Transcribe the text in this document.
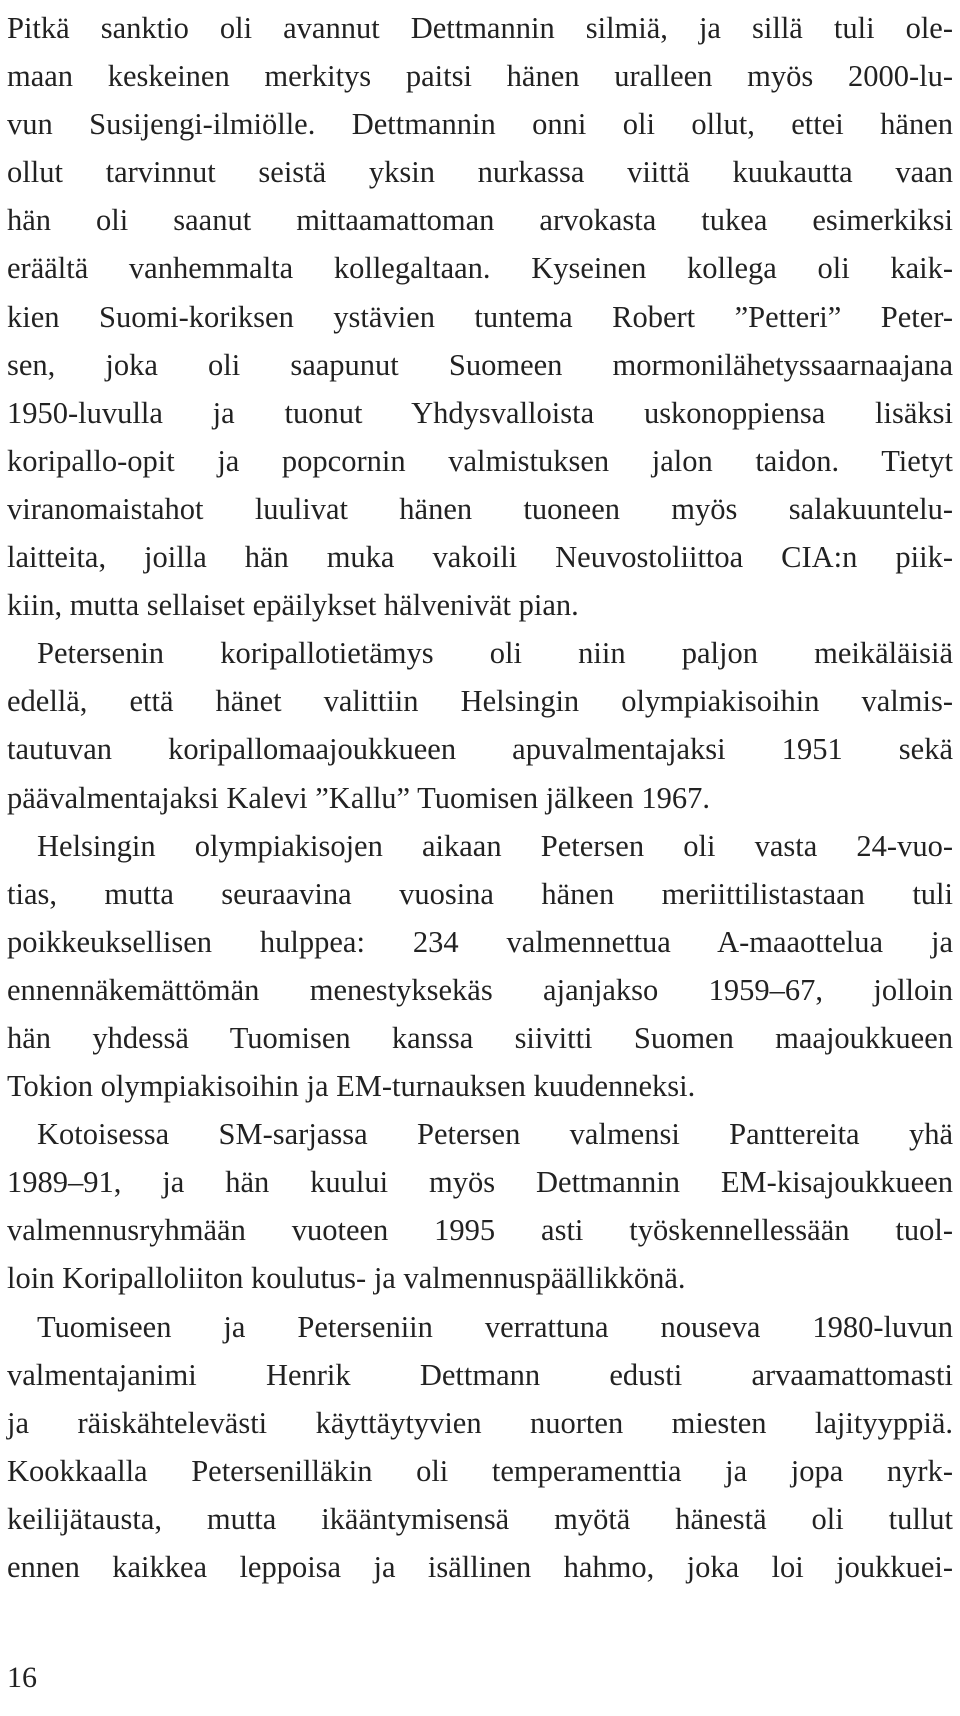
Pitkä sanktio oli avannut Dettmannin silmiä, ja sillä tuli ole-
maan keskeinen merkitys paitsi hänen uralleen myös 2000-lu-
vun Susijengi-ilmiölle. Dettmannin onni oli ollut, ettei hänen
ollut tarvinnut seistä yksin nurkassa viittä kuukautta vaan
hän oli saanut mittaamattoman arvokasta tukea esimerkiksi
eräältä vanhemmalta kollegaltaan. Kyseinen kollega oli kaik-
kien Suomi-koriksen ystävien tuntema Robert ”Petteri” Peter-
sen, joka oli saapunut Suomeen mormonilähetyssaarnaajana
1950-luvulla ja tuonut Yhdysvalloista uskonoppiensa lisäksi
koripallo-opit ja popcornin valmistuksen jalon taidon. Tietyt
viranomaistahot luulivat hänen tuoneen myös salakuuntelu-
laitteita, joilla hän muka vakoili Neuvostoliittoa CIA:n piik-
kiin, mutta sellaiset epäilykset hälvenivät pian.
Petersenin koripallotietämys oli niin paljon meikäläisiä
edellä, että hänet valittiin Helsingin olympiakisoihin valmis-
tautuvan koripallomaajoukkueen apuvalmentajaksi 1951 sekä
päävalmentajaksi Kalevi ”Kallu” Tuomisen jälkeen 1967.
Helsingin olympiakisojen aikaan Petersen oli vasta 24-vuo-
tias, mutta seuraavina vuosina hänen meriittilistastaan tuli
poikkeuksellisen hulppea: 234 valmennettua A-maaottelua ja
ennennäkemättömän menestyksekäs ajanjakso 1959–67, jolloin
hän yhdessä Tuomisen kanssa siivitti Suomen maajoukkueen
Tokion olympiakisoihin ja EM-turnauksen kuudenneksi.
Kotoisessa SM-sarjassa Petersen valmensi Panttereita yhä
1989–91, ja hän kuului myös Dettmannin EM-kisajoukkueen
valmennusryhmään vuoteen 1995 asti työskennellessään tuol-
loin Koripalloliiton koulutus- ja valmennuspäällikkönä.
Tuomiseen ja Peterseniin verrattuna nouseva 1980-luvun
valmentajanimi Henrik Dettmann edusti arvaamattomasti
ja räiskähtelevästi käyttäytyvien nuorten miesten lajityyppiä.
Kookkaalla Petersenilläkin oli temperamenttia ja jopa nyrk-
keilijätausta, mutta ikääntymisensä myötä hänestä oli tullut
ennen kaikkea leppoisa ja isällinen hahmo, joka loi joukkuei-
16
